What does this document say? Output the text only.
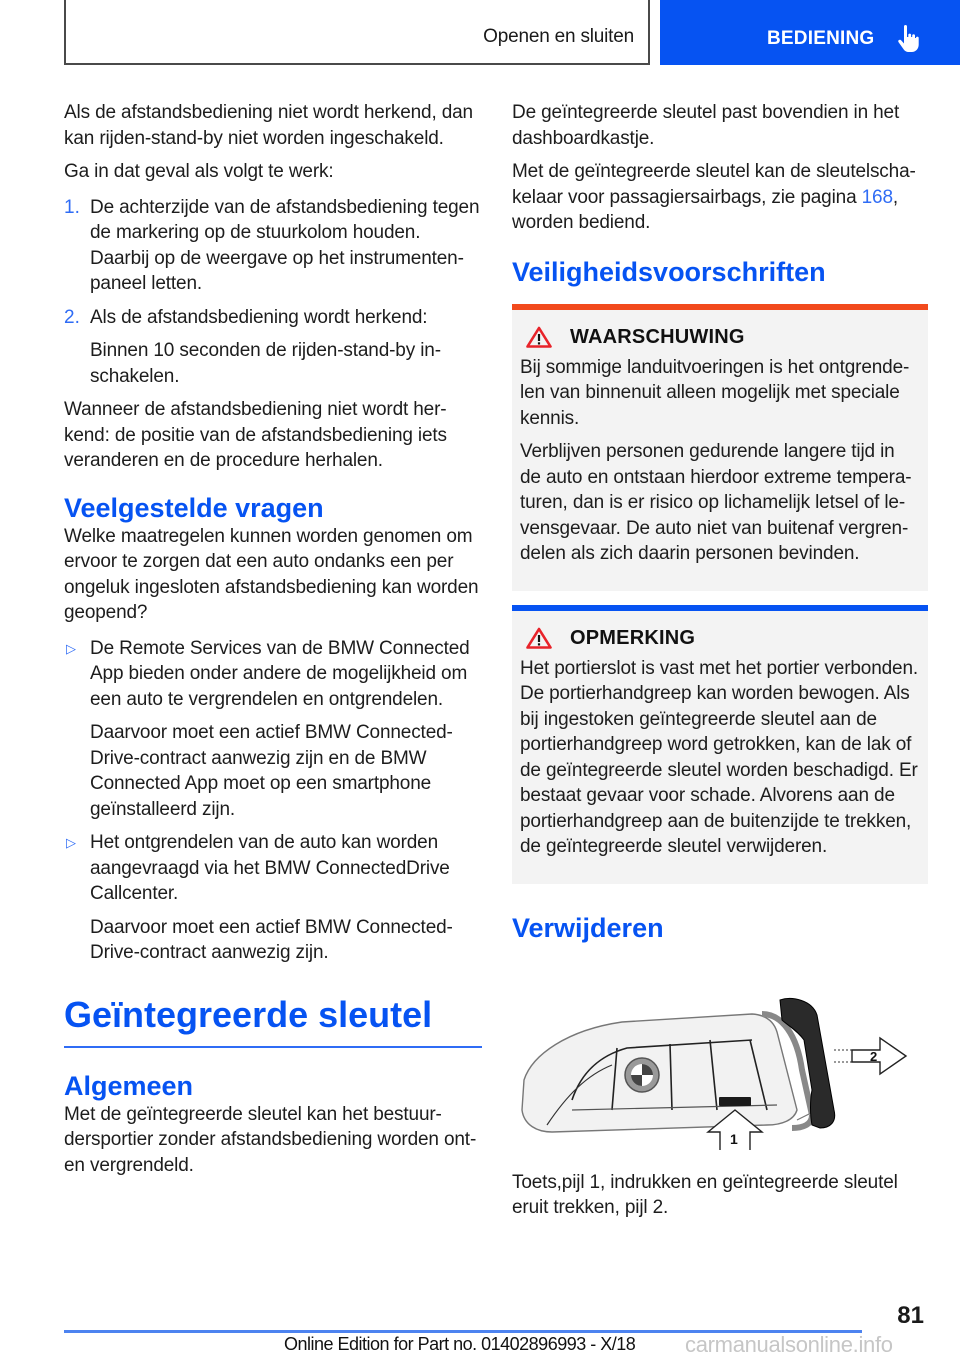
Openen en sluiten	BEDIENING

Als de afstandsbediening niet wordt herkend, dan kan rijden-stand-by niet worden ingeschakeld.

Ga in dat geval als volgt te werk:

1. De achterzijde van de afstandsbediening tegen de markering op de stuurkolom houden. Daarbij op de weergave op het instrumentenpaneel letten.

2. Als de afstandsbediening wordt herkend:

Binnen 10 seconden de rijden-stand-by inschakelen.

Wanneer de afstandsbediening niet wordt herkend: de positie van de afstandsbediening iets veranderen en de procedure herhalen.

Veelgestelde vragen

Welke maatregelen kunnen worden genomen om ervoor te zorgen dat een auto ondanks een per ongeluk ingesloten afstandsbediening kan worden geopend?

▷ De Remote Services van de BMW Connected App bieden onder andere de mogelijkheid om een auto te vergrendelen en ontgrendelen.

Daarvoor moet een actief BMW ConnectedDrive-contract aanwezig zijn en de BMW Connected App moet op een smartphone geïnstalleerd zijn.

▷ Het ontgrendelen van de auto kan worden aangevraagd via het BMW ConnectedDrive Callcenter.

Daarvoor moet een actief BMW ConnectedDrive-contract aanwezig zijn.

Geïntegreerde sleutel
Algemeen

Met de geïntegreerde sleutel kan het bestuurdersportier zonder afstandsbediening worden ont- en vergrendeld.

De geïntegreerde sleutel past bovendien in het dashboardkastje.

Met de geïntegreerde sleutel kan de sleutelschakelaar voor passagiersairbags, zie pagina 168, worden bediend.

Veiligheidsvoorschriften
WAARSCHUWING

Bij sommige landuitvoeringen is het ontgrendelen van binnenuit alleen mogelijk met speciale kennis.

Verblijven personen gedurende langere tijd in de auto en ontstaan hierdoor extreme temperaturen, dan is er risico op lichamelijk letsel of levensgevaar. De auto niet van buitenaf vergrendelen als zich daarin personen bevinden.

OPMERKING

Het portierslot is vast met het portier verbonden. De portierhandgreep kan worden bewogen. Als bij ingestoken geïntegreerde sleutel aan de portierhandgreep word getrokken, kan de lak of de geïntegreerde sleutel worden beschadigd. Er bestaat gevaar voor schade. Alvorens aan de portierhandgreep aan de buitenzijde te trekken, de geïntegreerde sleutel verwijderen.

Verwijderen
2
1

Toets,pijl 1, indrukken en geïntegreerde sleutel eruit trekken, pijl 2.

81
Online Edition for Part no. 01402896993 - X/18 carmanualsonline.info
